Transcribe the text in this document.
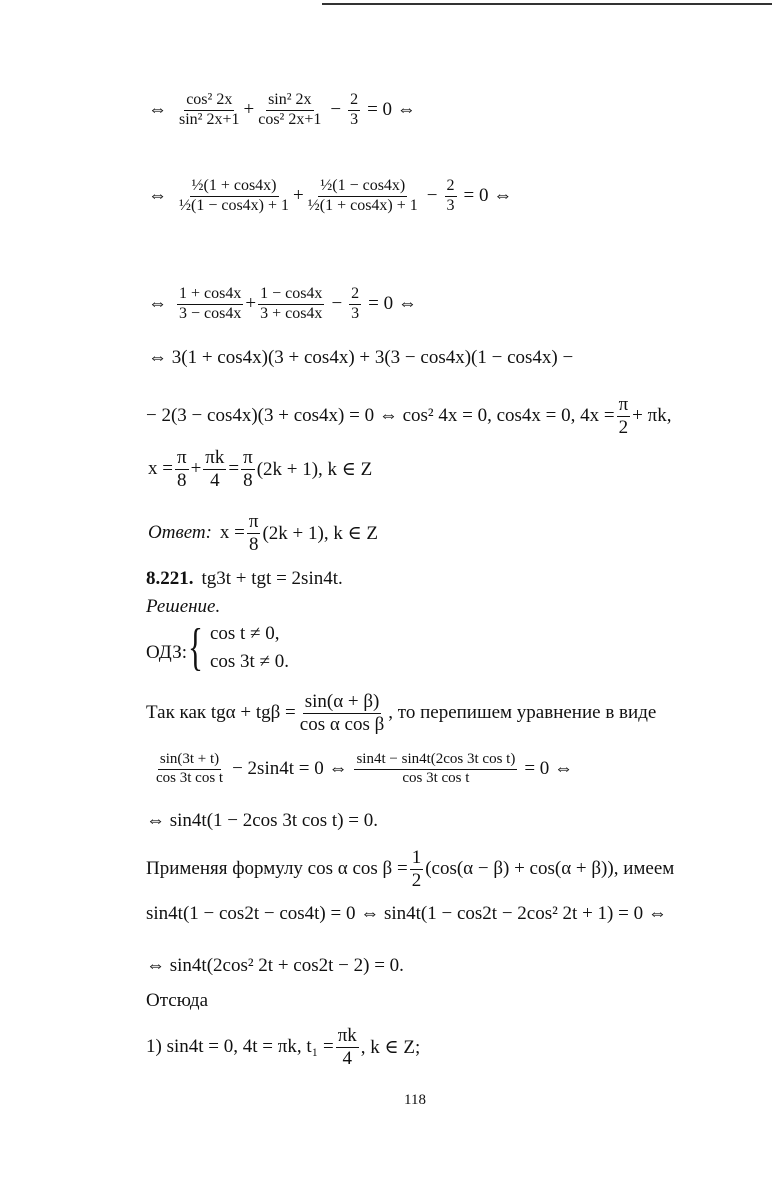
⇔ cos² 2x
sin² $2x+1 + \frac{\text{sin² 2x}}{\text{cos² 2x+1}} - \frac{2}{3} = 0$ ⇔
⇔ ½(1 + cos4x)
½(1 − $\cos 4x) + 1 + \frac{\text{½(1 − cos4x)}}{\text{½(1 + cos4x) + 1}} - \frac{2}{3} = 0$ ⇔
⇔ 1 + cos4x
$3 - \cos 4x + \frac{1 - \cos 4x}{3 + \cos 4x} - \frac{2}{3} = 0$ ⇔
⇔ 3(1 + cos4x)(3 + cos4x) + 3(3 − cos4x)(1 − cos4x) −
− 2(3 − cos4x)(3 + cos4x) = 0 ⇔ cos² 4x = 0, cos4x = 0, $4x = \frac{\pi}{2} + \pi k$,
$x = \frac{\pi}{8} + \frac{\pi k}{4} = \frac{\pi}{8} (2k + 1)$, k ∈ Z
Ответ: $x = \frac{\pi}{8} (2k + 1)$, k ∈ Z
8.221. tg3t + tgt = 2sin4t.
Решение.
ОДЗ: { cos t ≠ 0,
cos 3t ≠ 0.
Так как $tg\alpha + tg\beta = \frac{\sin(\alpha + \beta)}{\text{cos α cos β}}$ , то перепишем уравнение в виде
sin(3t + t)
cos 3t cos t − 2sin4t = 0 ⇔ $\frac{\text{sin4t − sin4t(2cos 3t cos t)}}{\text{cos 3t cos t}} = 0$ ⇔
⇔ sin4t(1 − 2cos 3t cos t) = 0.
Применяя формулу cos α $\cos \beta = \frac{1}{2} (\cos(\alpha - \beta) + \cos(\alpha + \beta))$, имеем
sin4t(1 − cos2t − cos4t) = 0 ⇔ sin4t(1 − cos2t − 2cos² 2t + 1) = 0 ⇔
⇔ sin4t(2cos² 2t + cos2t − 2) = 0.
Отсюда
1) sin4t = 0, 4t = πk, $t_1 = \frac{\pi k}{4}$ , k ∈ Z;
118
